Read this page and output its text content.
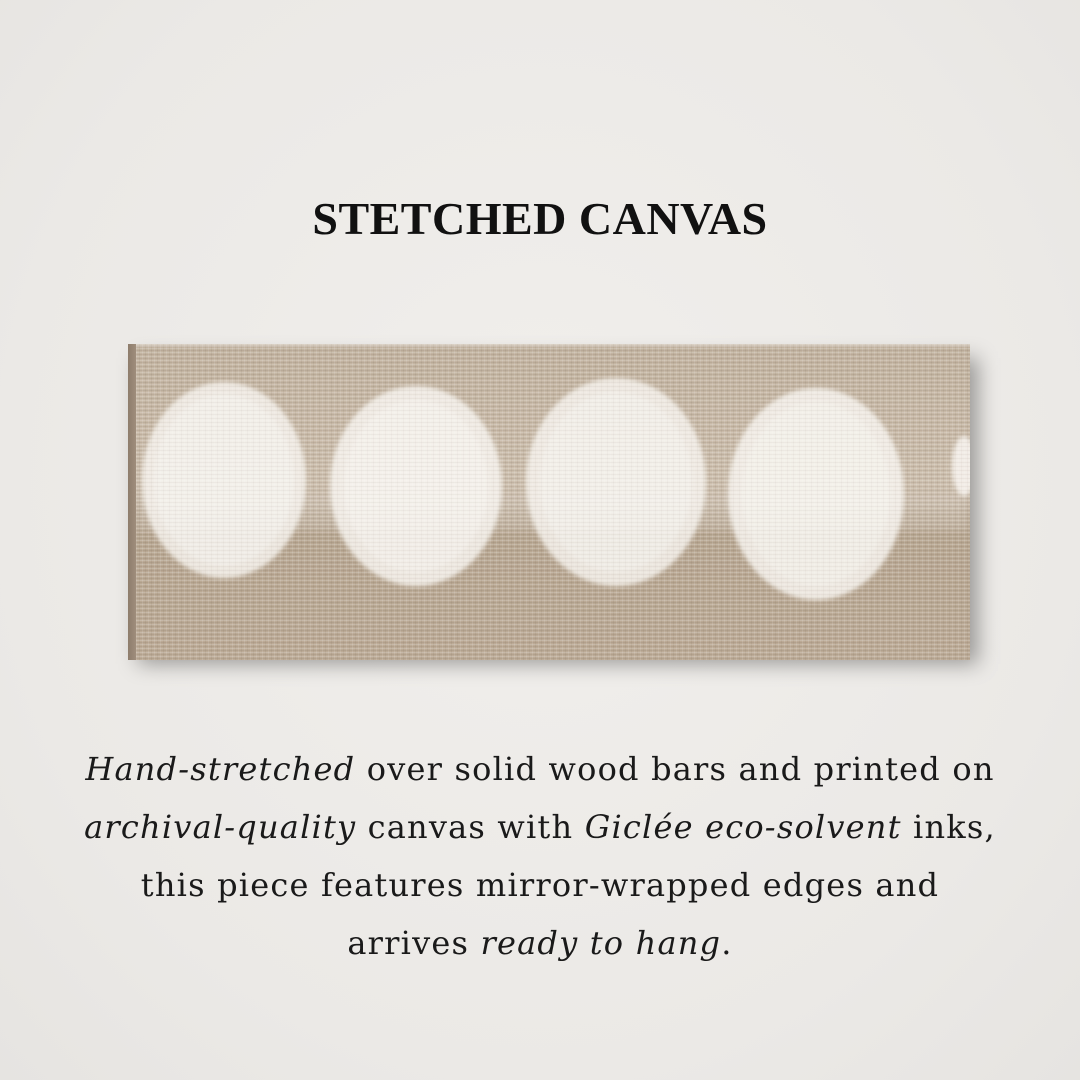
STETCHED CANVAS

Hand-stretched over solid wood bars and printed on archival-quality canvas with Giclée eco-solvent inks, this piece features mirror-wrapped edges and arrives ready to hang.
